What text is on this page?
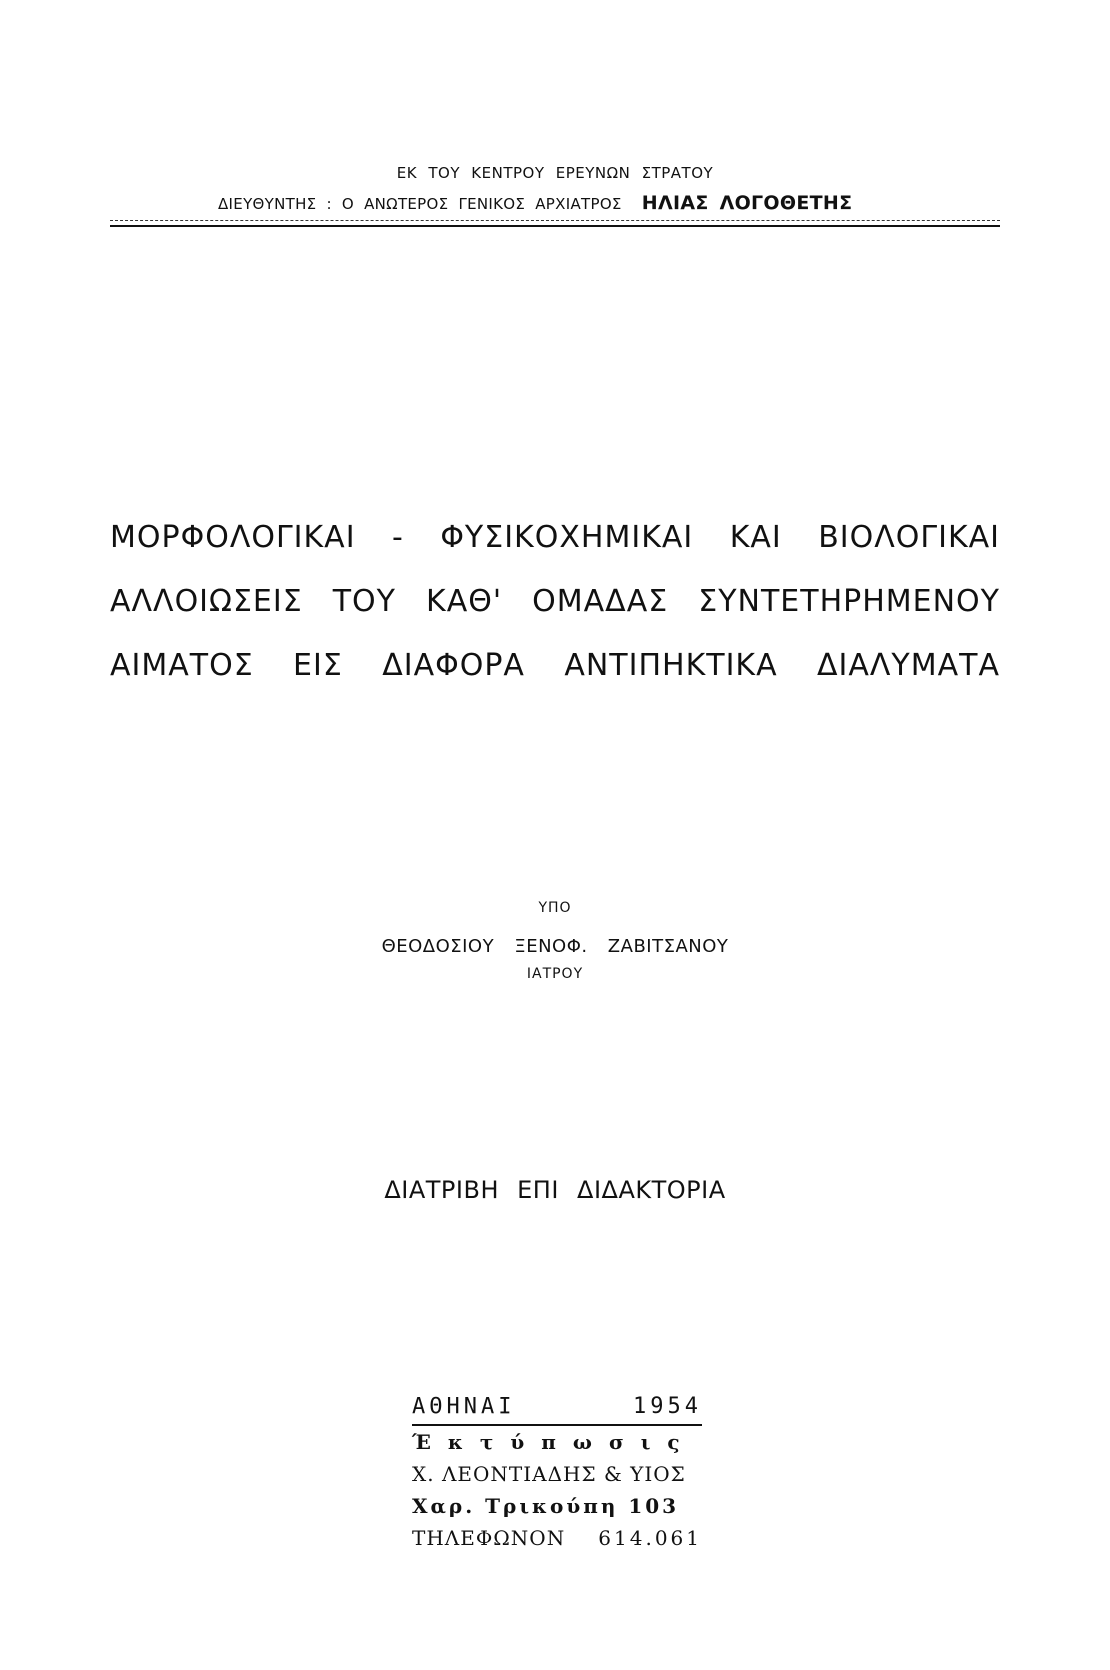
ΕΚ ΤΟΥ ΚΕΝΤΡΟΥ ΕΡΕΥΝΩΝ ΣΤΡΑΤΟΥ
ΔΙΕΥΘΥΝΤΗΣ : Ο ΑΝΩΤΕΡΟΣ ΓΕΝΙΚΟΣ ΑΡΧΙΑΤΡΟΣ ΗΛΙΑΣ ΛΟΓΟΘΕΤΗΣ
ΜΟΡΦΟΛΟΓΙΚΑΙ - ΦΥΣΙΚΟΧΗΜΙΚΑΙ ΚΑΙ ΒΙΟΛΟΓΙΚΑΙ
ΑΛΛΟΙΩΣΕΙΣ ΤΟΥ ΚΑΘ' ΟΜΑΔΑΣ ΣΥΝΤΕΤΗΡΗΜΕΝΟΥ
ΑΙΜΑΤΟΣ ΕΙΣ ΔΙΑΦΟΡΑ ΑΝΤΙΠΗΚΤΙΚΑ ΔΙΑΛΥΜΑΤΑ
ΥΠΟ
ΘΕΟΔΟΣΙΟΥ ΞΕΝΟΦ. ΖΑΒΙΤΣΑΝΟΥ
ΙΑΤΡΟΥ
ΔΙΑΤΡΙΒΗ ΕΠΙ ΔΙΔΑΚΤΟΡΙΑ
ΑΘΗΝΑΙ	1954
Έκτύπωσις
Χ. ΛΕΟΝΤΙΑΔΗΣ & ΥΙΟΣ
Χαρ. Τρικούπη 103
ΤΗΛΕΦΩΝΟΝ 614.061
